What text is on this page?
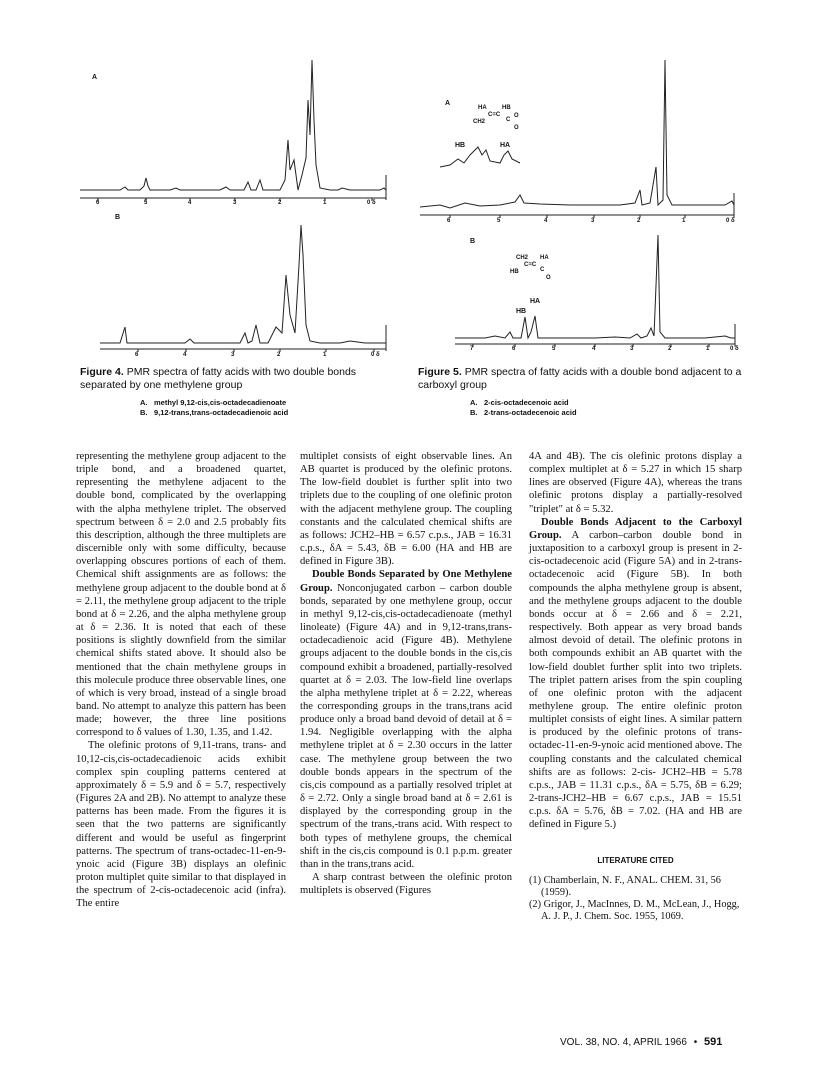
A
6	5	4	3	2	1	0 δ
B
6	4	3	2	1	0 δ
Figure 4. PMR spectra of fatty acids with two double bonds separated by one methylene group
A. methyl 9,12-cis,cis-octadecadienoate
B. 9,12-trans,trans-octadecadienoic acid
A
HB	HA
HA	HB
C=C
CH2	C
O
O
6	5	4	3	2	1	0 δ
B
HB
HA
CH2
HB
C=C
HA
C
O
7	6	5	4	3	2	1	0 δ
Figure 5. PMR spectra of fatty acids with a double bond adjacent to a carboxyl group
A. 2-cis-octadecenoic acid
B. 2-trans-octadecenoic acid

representing the methylene group adjacent to the triple bond, and a broadened quartet, representing the methylene adjacent to the double bond, complicated by the overlapping with the alpha methylene triplet. The observed spectrum between δ = 2.0 and 2.5 probably fits this description, although the three multiplets are discernible only with some difficulty, because overlapping obscures portions of each of them. Chemical shift assignments are as follows: the methylene group adjacent to the double bond at δ = 2.11, the methylene group adjacent to the triple bond at δ = 2.26, and the alpha methylene group at δ = 2.36. It is noted that each of these positions is slightly downfield from the similar chemical shifts stated above. It should also be mentioned that the chain methylene groups in this molecule produce three observable lines, one of which is very broad, instead of a single broad band. No attempt to analyze this pattern has been made; however, the three line positions correspond to δ values of 1.30, 1.35, and 1.42.

The olefinic protons of 9,11-trans, trans- and 10,12-cis,cis-octadecadienoic acids exhibit complex spin coupling patterns centered at approximately δ = 5.9 and δ = 5.7, respectively (Figures 2A and 2B). No attempt to analyze these patterns has been made. From the figures it is seen that the two patterns are significantly different and would be useful as fingerprint patterns. The spectrum of trans-octadec-11-en-9-ynoic acid (Figure 3B) displays an olefinic proton multiplet quite similar to that displayed in the spectrum of 2-cis-octadecenoic acid (infra). The entire

multiplet consists of eight observable lines. An AB quartet is produced by the olefinic protons. The low-field doublet is further split into two triplets due to the coupling of one olefinic proton with the adjacent methylene group. The coupling constants and the calculated chemical shifts are as follows: JCH2–HB = 6.57 c.p.s., JAB = 16.31 c.p.s., δA = 5.43, δB = 6.00 (HA and HB are defined in Figure 3B).

Double Bonds Separated by One Methylene Group. Nonconjugated carbon – carbon double bonds, separated by one methylene group, occur in methyl 9,12-cis,cis-octadecadienoate (methyl linoleate) (Figure 4A) and in 9,12-trans,trans-octadecadienoic acid (Figure 4B). Methylene groups adjacent to the double bonds in the cis,cis compound exhibit a broadened, partially-resolved quartet at δ = 2.03. The low-field line overlaps the alpha methylene triplet at δ = 2.22, whereas the corresponding groups in the trans,trans acid produce only a broad band devoid of detail at δ = 1.94. Negligible overlapping with the alpha methylene triplet at δ = 2.30 occurs in the latter case. The methylene group between the two double bonds appears in the spectrum of the cis,cis compound as a partially resolved triplet at δ = 2.72. Only a single broad band at δ = 2.61 is displayed by the corresponding group in the spectrum of the trans,-trans acid. With respect to both types of methylene groups, the chemical shift in the cis,cis compound is 0.1 p.p.m. greater than in the trans,trans acid.

A sharp contrast between the olefinic proton multiplets is observed (Figures

4A and 4B). The cis olefinic protons display a complex multiplet at δ = 5.27 in which 15 sharp lines are observed (Figure 4A), whereas the trans olefinic protons display a partially-resolved "triplet" at δ = 5.32.

Double Bonds Adjacent to the Carboxyl Group. A carbon–carbon double bond in juxtaposition to a carboxyl group is present in 2-cis-octadecenoic acid (Figure 5A) and in 2-trans-octadecenoic acid (Figure 5B). In both compounds the alpha methylene group is absent, and the methylene groups adjacent to the double bonds occur at δ = 2.66 and δ = 2.21, respectively. Both appear as very broad bands almost devoid of detail. The olefinic protons in both compounds exhibit an AB quartet with the low-field doublet further split into two triplets. The triplet pattern arises from the spin coupling of one olefinic proton with the adjacent methylene group. The entire olefinic proton multiplet consists of eight lines. A similar pattern is produced by the olefinic protons of trans-octadec-11-en-9-ynoic acid mentioned above. The coupling constants and the calculated chemical shifts are as follows: 2-cis- JCH2–HB = 5.78 c.p.s., JAB = 11.31 c.p.s., δA = 5.75, δB = 6.29; 2-trans-JCH2–HB = 6.67 c.p.s., JAB = 15.51 c.p.s. δA = 5.76, δB = 7.02. (HA and HB are defined in Figure 5.)

LITERATURE CITED

(1) Chamberlain, N. F., ANAL. CHEM. 31, 56 (1959).

(2) Grigor, J., MacInnes, D. M., McLean, J., Hogg, A. J. P., J. Chem. Soc. 1955, 1069.

VOL. 38, NO. 4, APRIL 1966 • 591
